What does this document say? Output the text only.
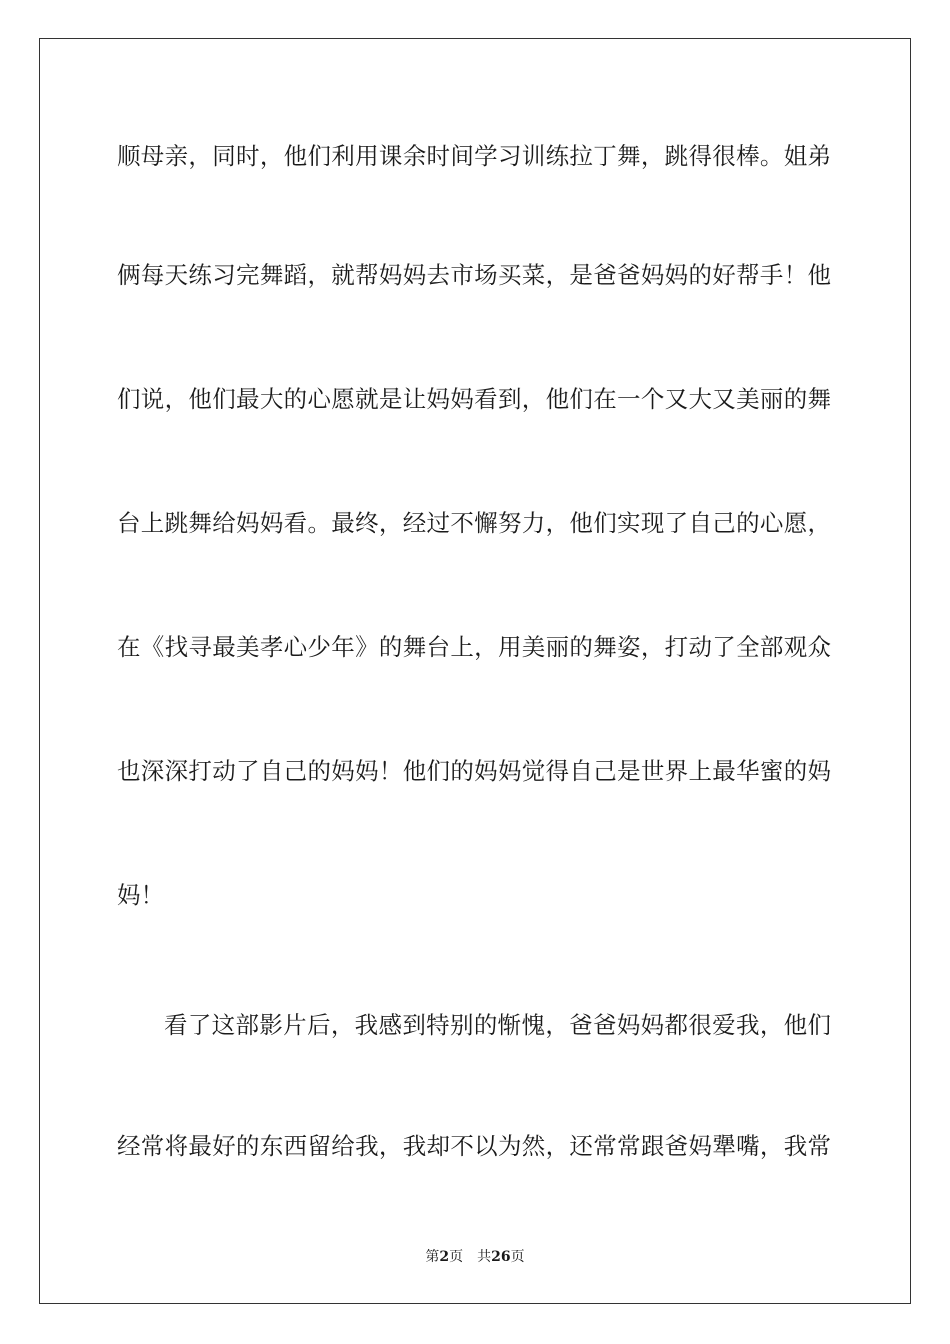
顺母亲，同时，他们利用课余时间学习训练拉丁舞，跳得很棒。姐弟
俩每天练习完舞蹈，就帮妈妈去市场买菜，是爸爸妈妈的好帮手！他
们说，他们最大的心愿就是让妈妈看到，他们在一个又大又美丽的舞
台上跳舞给妈妈看。最终，经过不懈努力，他们实现了自己的心愿，
在《找寻最美孝心少年》的舞台上，用美丽的舞姿，打动了全部观众
也深深打动了自己的妈妈！他们的妈妈觉得自己是世界上最华蜜的妈
妈！
看了这部影片后，我感到特别的惭愧，爸爸妈妈都很爱我，他们
经常将最好的东西留给我，我却不以为然，还常常跟爸妈犟嘴，我常
第2页 共26页
